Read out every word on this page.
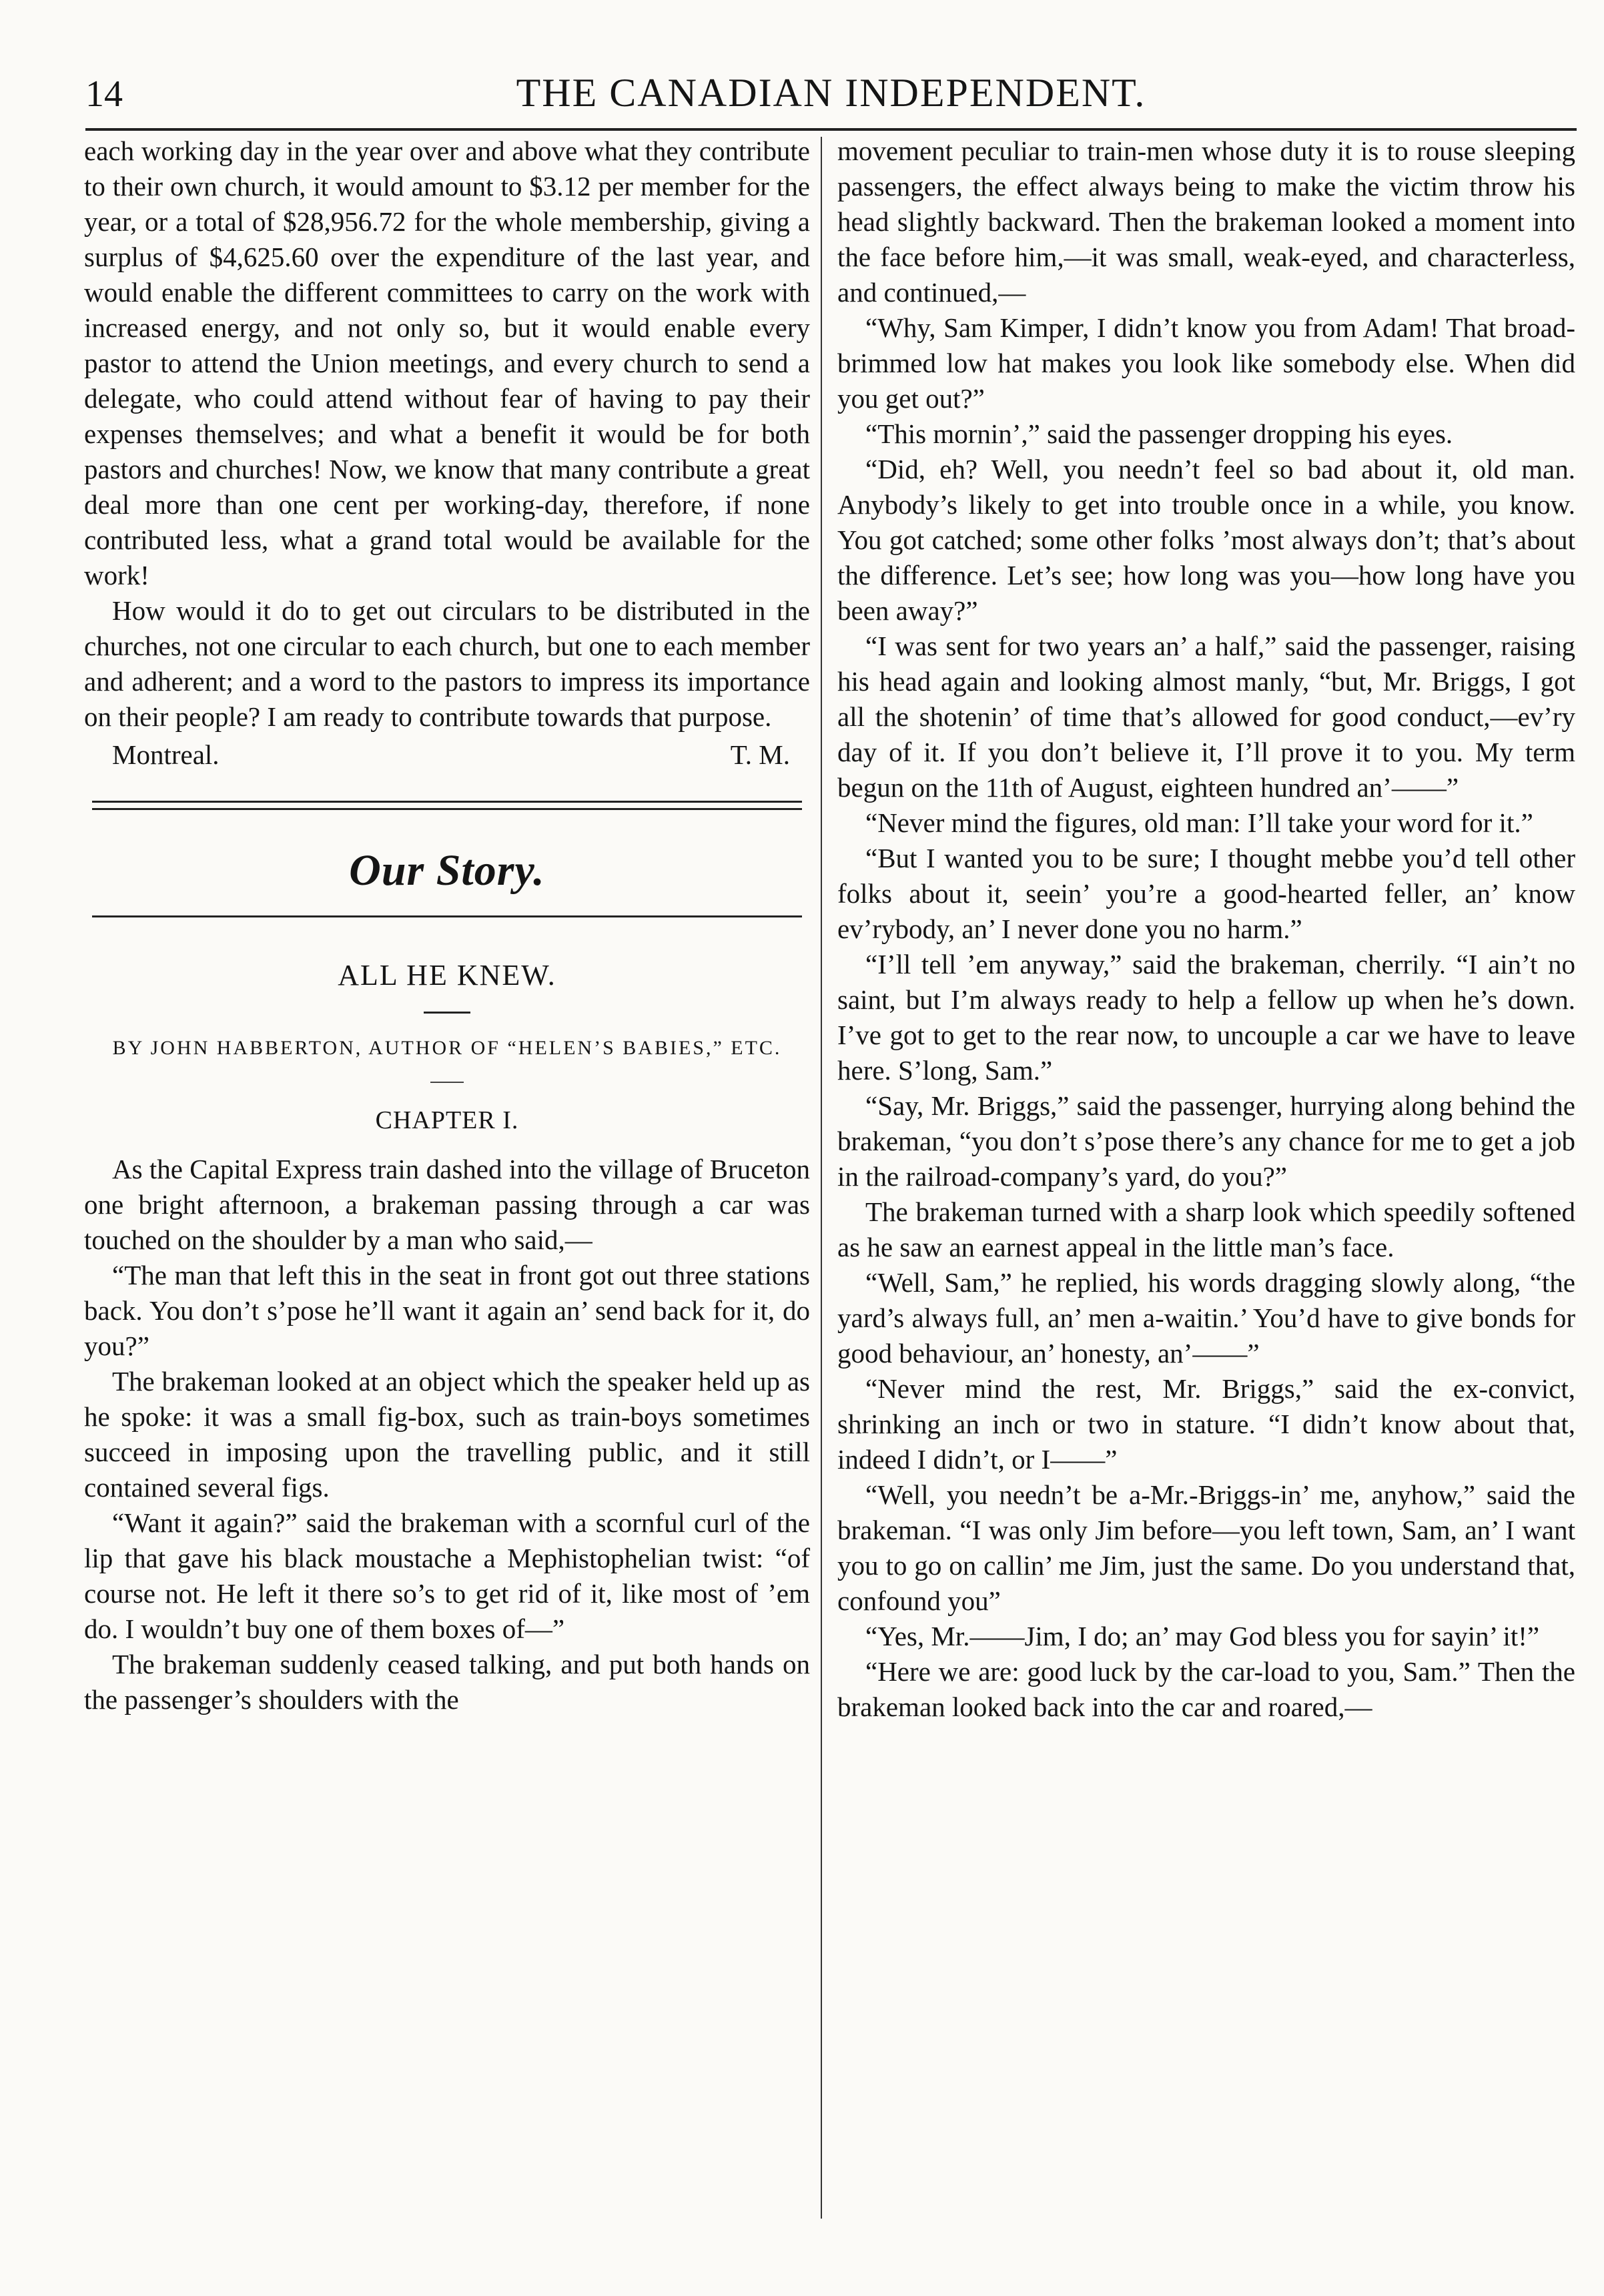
14	THE CANADIAN INDEPENDENT.

each working day in the year over and above what they contribute to their own church, it would amount to $3.12 per member for the year, or a total of $28,956.72 for the whole membership, giving a surplus of $4,625.60 over the expenditure of the last year, and would enable the different committees to carry on the work with increased energy, and not only so, but it would enable every pastor to attend the Union meetings, and every church to send a delegate, who could attend without fear of having to pay their expenses themselves; and what a benefit it would be for both pastors and churches! Now, we know that many contribute a great deal more than one cent per working-day, therefore, if none contributed less, what a grand total would be available for the work!

How would it do to get out circulars to be distributed in the churches, not one circular to each church, but one to each member and adherent; and a word to the pastors to impress its importance on their people? I am ready to contribute towards that purpose.

Montreal.	T. M.
Our Story.
ALL HE KNEW.
BY JOHN HABBERTON, AUTHOR OF “HELEN’S BABIES,” ETC.
CHAPTER I.

As the Capital Express train dashed into the village of Bruceton one bright afternoon, a brakeman passing through a car was touched on the shoulder by a man who said,—

“The man that left this in the seat in front got out three stations back. You don’t s’pose he’ll want it again an’ send back for it, do you?”

The brakeman looked at an object which the speaker held up as he spoke: it was a small fig-box, such as train-boys sometimes succeed in imposing upon the travelling public, and it still contained several figs.

“Want it again?” said the brakeman with a scornful curl of the lip that gave his black moustache a Mephistophelian twist: “of course not. He left it there so’s to get rid of it, like most of ’em do. I wouldn’t buy one of them boxes of—”

The brakeman suddenly ceased talking, and put both hands on the passenger’s shoulders with the

movement peculiar to train-men whose duty it is to rouse sleeping passengers, the effect always being to make the victim throw his head slightly backward. Then the brakeman looked a moment into the face before him,—it was small, weak-eyed, and characterless, and continued,—

“Why, Sam Kimper, I didn’t know you from Adam! That broad-brimmed low hat makes you look like somebody else. When did you get out?”

“This mornin’,” said the passenger dropping his eyes.

“Did, eh? Well, you needn’t feel so bad about it, old man. Anybody’s likely to get into trouble once in a while, you know. You got catched; some other folks ’most always don’t; that’s about the difference. Let’s see; how long was you—how long have you been away?”

“I was sent for two years an’ a half,” said the passenger, raising his head again and looking almost manly, “but, Mr. Briggs, I got all the shotenin’ of time that’s allowed for good conduct,—ev’ry day of it. If you don’t believe it, I’ll prove it to you. My term begun on the 11th of August, eighteen hundred an’——”

“Never mind the figures, old man: I’ll take your word for it.”

“But I wanted you to be sure; I thought mebbe you’d tell other folks about it, seein’ you’re a good-hearted feller, an’ know ev’rybody, an’ I never done you no harm.”

“I’ll tell ’em anyway,” said the brakeman, cherrily. “I ain’t no saint, but I’m always ready to help a fellow up when he’s down. I’ve got to get to the rear now, to uncouple a car we have to leave here. S’long, Sam.”

“Say, Mr. Briggs,” said the passenger, hurrying along behind the brakeman, “you don’t s’pose there’s any chance for me to get a job in the railroad-company’s yard, do you?”

The brakeman turned with a sharp look which speedily softened as he saw an earnest appeal in the little man’s face.

“Well, Sam,” he replied, his words dragging slowly along, “the yard’s always full, an’ men a-waitin.’ You’d have to give bonds for good behaviour, an’ honesty, an’——”

“Never mind the rest, Mr. Briggs,” said the ex-convict, shrinking an inch or two in stature. “I didn’t know about that, indeed I didn’t, or I——”

“Well, you needn’t be a-Mr.-Briggs-in’ me, anyhow,” said the brakeman. “I was only Jim before—you left town, Sam, an’ I want you to go on callin’ me Jim, just the same. Do you understand that, confound you”

“Yes, Mr.——Jim, I do; an’ may God bless you for sayin’ it!”

“Here we are: good luck by the car-load to you, Sam.” Then the brakeman looked back into the car and roared,—
